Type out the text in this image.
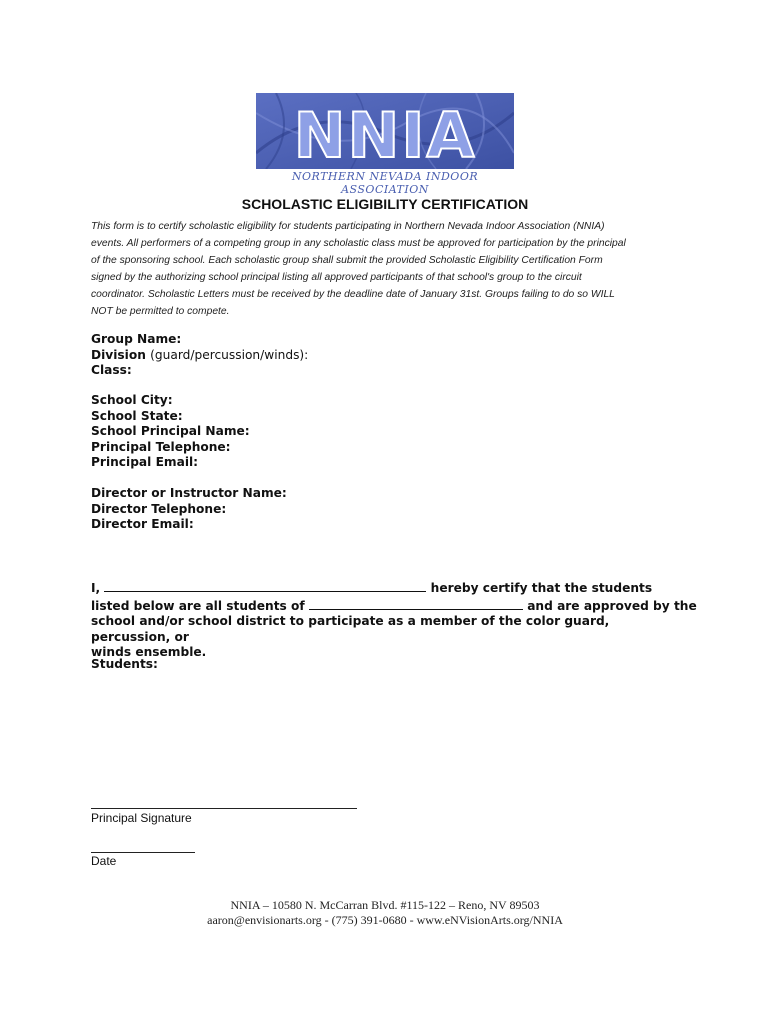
NNIA
NORTHERN NEVADA INDOOR ASSOCIATION
SCHOLASTIC ELIGIBILITY CERTIFICATION
This form is to certify scholastic eligibility for students participating in Northern Nevada Indoor Association (NNIA)
events. All performers of a competing group in any scholastic class must be approved for participation by the principal
of the sponsoring school. Each scholastic group shall submit the provided Scholastic Eligibility Certification Form
signed by the authorizing school principal listing all approved participants of that school's group to the circuit
coordinator. Scholastic Letters must be received by the deadline date of January 31st. Groups failing to do so WILL
NOT be permitted to compete.
Group Name:
Division (guard/percussion/winds):
Class:
School City:
School State:
School Principal Name:
Principal Telephone:
Principal Email:
Director or Instructor Name:
Director Telephone:
Director Email:
I,	hereby certify that the students
listed below are all students of	and are approved by the
school and/or school district to participate as a member of the color guard, percussion, or
winds ensemble.
Students:
Principal Signature
Date
NNIA – 10580 N. McCarran Blvd. #115-122 – Reno, NV 89503
aaron@envisionarts.org - (775) 391-0680 - www.eNVisionArts.org/NNIA
